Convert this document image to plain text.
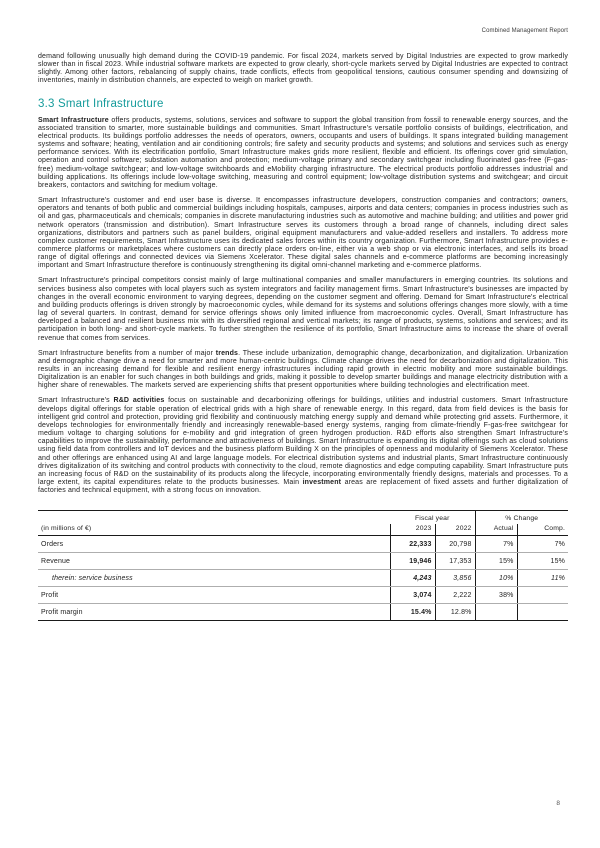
Combined Management Report

demand following unusually high demand during the COVID-19 pandemic. For fiscal 2024, markets served by Digital Industries are expected to grow markedly slower than in fiscal 2023. While industrial software markets are expected to grow clearly, short-cycle markets served by Digital Industries are expected to contract slightly. Among other factors, rebalancing of supply chains, trade conflicts, effects from geopolitical tensions, cautious consumer spending and downsizing of inventories, mainly in distribution channels, are expected to weigh on market growth.

3.3 Smart Infrastructure

Smart Infrastructure offers products, systems, solutions, services and software to support the global transition from fossil to renewable energy sources, and the associated transition to smarter, more sustainable buildings and communities. Smart Infrastructure's versatile portfolio consists of buildings, electrification, and electrical products. Its buildings portfolio addresses the needs of operators, owners, occupants and users of buildings. It spans integrated building management systems and software; heating, ventilation and air conditioning controls; fire safety and security products and systems; and solutions and services such as energy performance services. With its electrification portfolio, Smart Infrastructure makes grids more resilient, flexible and efficient. Its offerings cover grid simulation, operation and control software; substation automation and protection; medium-voltage primary and secondary switchgear including fluorinated gas-free (F-gas-free) medium-voltage switchgear; and low-voltage switchboards and eMobility charging infrastructure. The electrical products portfolio addresses industrial and building applications. Its offerings include low-voltage switching, measuring and control equipment; low-voltage distribution systems and switchgear; and circuit breakers, contactors and switching for medium voltage.

Smart Infrastructure's customer and end user base is diverse. It encompasses infrastructure developers, construction companies and contractors; owners, operators and tenants of both public and commercial buildings including hospitals, campuses, airports and data centers; companies in process industries such as oil and gas, pharmaceuticals and chemicals; companies in discrete manufacturing industries such as automotive and machine building; and utilities and power grid network operators (transmission and distribution). Smart Infrastructure serves its customers through a broad range of channels, including direct sales organizations, distributors and partners such as panel builders, original equipment manufacturers and value-added resellers and installers. To address more complex customer requirements, Smart Infrastructure uses its dedicated sales forces within its country organization. Furthermore, Smart Infrastructure provides e-commerce platforms or marketplaces where customers can directly place orders on-line, either via a web shop or via electronic interfaces, and sells its broad range of digital offerings and connected devices via Siemens Xcelerator. These digital sales channels and e-commerce platforms are becoming increasingly important and Smart Infrastructure therefore is continuously strengthening its digital omni-channel marketing and e-commerce platforms.

Smart Infrastructure's principal competitors consist mainly of large multinational companies and smaller manufacturers in emerging countries. Its solutions and services business also competes with local players such as system integrators and facility management firms. Smart Infrastructure's businesses are impacted by changes in the overall economic environment to varying degrees, depending on the customer segment and offering. Demand for Smart Infrastructure's electrical and building products offerings is driven strongly by macroeconomic cycles, while demand for its systems and solutions offerings changes more slowly, with a time lag of several quarters. In contrast, demand for service offerings shows only limited influence from macroeconomic cycles. Overall, Smart Infrastructure has developed a balanced and resilient business mix with its diversified regional and vertical markets; its range of products, systems, solutions and services; and its participation in both long- and short-cycle markets. To further strengthen the resilience of its portfolio, Smart Infrastructure aims to increase the share of overall revenue that comes from services.

Smart Infrastructure benefits from a number of major trends. These include urbanization, demographic change, decarbonization, and digitalization. Urbanization and demographic change drive a need for smarter and more human-centric buildings. Climate change drives the need for decarbonization and digitalization. This results in an increasing demand for flexible and resilient energy infrastructures including rapid growth in electric mobility and more sustainable buildings. Digitalization is an enabler for such changes in both buildings and grids, making it possible to develop smarter buildings and manage electricity distribution with a higher share of renewables. The markets served are experiencing shifts that present opportunities where building technologies and electrification meet.

Smart Infrastructure's R&D activities focus on sustainable and decarbonizing offerings for buildings, utilities and industrial customers. Smart Infrastructure develops digital offerings for stable operation of electrical grids with a high share of renewable energy. In this regard, data from field devices is the basis for intelligent grid control and protection, providing grid flexibility and continuously matching energy supply and demand while protecting grid assets. Furthermore, it develops technologies for environmentally friendly and increasingly renewable-based energy systems, ranging from climate-friendly F-gas-free switchgear for medium voltage to charging solutions for e-mobility and grid integration of green hydrogen production. R&D efforts also strengthen Smart Infrastructure's capabilities to improve the sustainability, performance and attractiveness of buildings. Smart Infrastructure is expanding its digital offerings such as cloud solutions using field data from controllers and IoT devices and the business platform Building X on the principles of openness and modularity of Siemens Xcelerator. These and other offerings are enhanced using AI and large language models. For electrical distribution systems and industrial plants, Smart Infrastructure continuously drives digitalization of its switching and control products with connectivity to the cloud, remote diagnostics and edge computing capability. Smart Infrastructure puts an increasing focus of R&D on the sustainability of its products along the lifecycle, incorporating environmentally friendly designs, materials and processes. To a large extent, its capital expenditures relate to the products businesses. Main investment areas are replacement of fixed assets and further digitalization of factories and technical equipment, with a strong focus on innovation.

	Fiscal year		% Change	
(in millions of €)	2023	2022	Actual	Comp.
Orders	22,333	20,798	7%	7%
Revenue	19,946	17,353	15%	15%
therein: service business	4,243	3,856	10%	11%
Profit	3,074	2,222	38%	
Profit margin	15.4%	12.8%		
8
